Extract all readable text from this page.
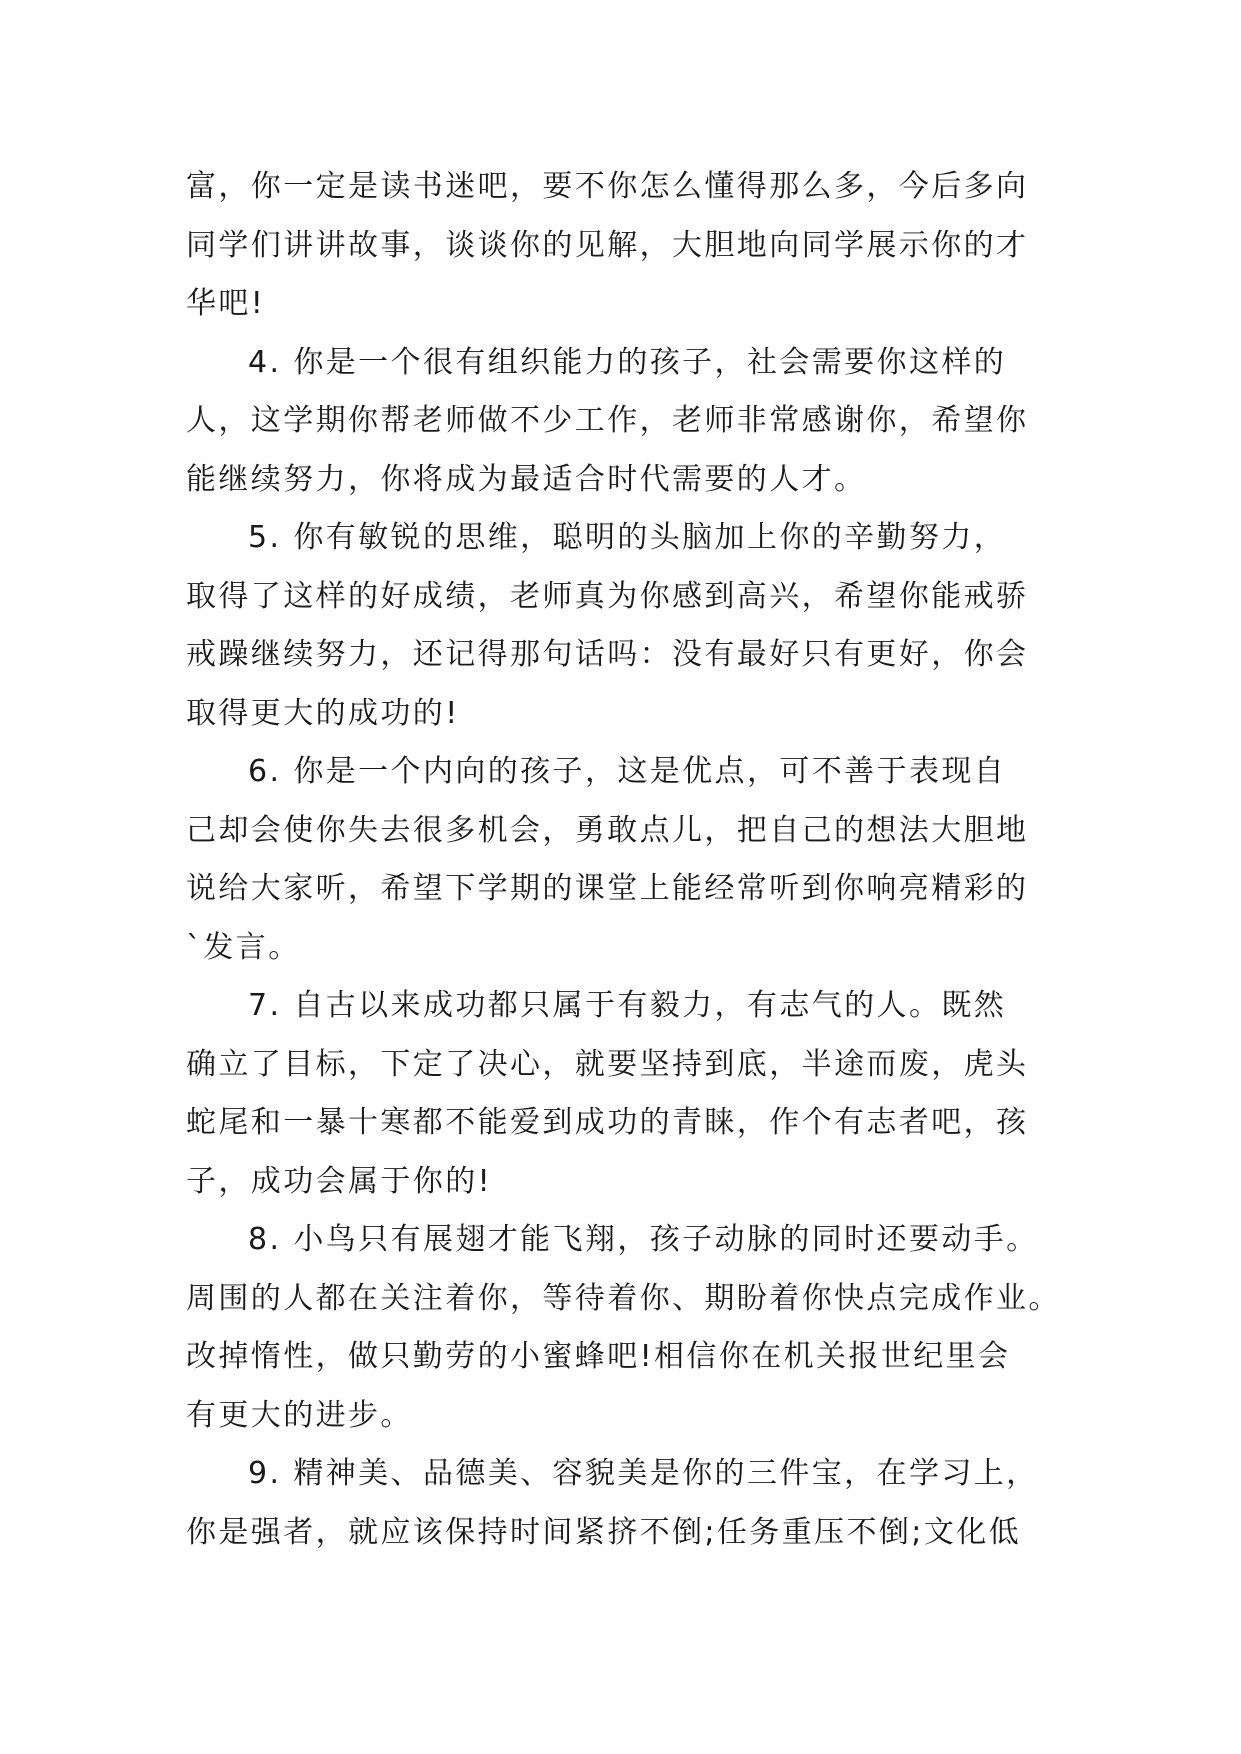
富，你一定是读书迷吧，要不你怎么懂得那么多，今后多向
同学们讲讲故事，谈谈你的见解，大胆地向同学展示你的才
华吧!
4. 你是一个很有组织能力的孩子，社会需要你这样的
人，这学期你帮老师做不少工作，老师非常感谢你，希望你
能继续努力，你将成为最适合时代需要的人才。
5. 你有敏锐的思维，聪明的头脑加上你的辛勤努力，
取得了这样的好成绩，老师真为你感到高兴，希望你能戒骄
戒躁继续努力，还记得那句话吗：没有最好只有更好，你会
取得更大的成功的!
6. 你是一个内向的孩子，这是优点，可不善于表现自
己却会使你失去很多机会，勇敢点儿，把自己的想法大胆地
说给大家听，希望下学期的课堂上能经常听到你响亮精彩的
`发言。
7. 自古以来成功都只属于有毅力，有志气的人。既然
确立了目标，下定了决心，就要坚持到底，半途而废，虎头
蛇尾和一暴十寒都不能爱到成功的青睐，作个有志者吧，孩
子，成功会属于你的!
8. 小鸟只有展翅才能飞翔，孩子动脉的同时还要动手。
周围的人都在关注着你，等待着你、期盼着你快点完成作业。
改掉惰性，做只勤劳的小蜜蜂吧!相信你在机关报世纪里会
有更大的进步。
9. 精神美、品德美、容貌美是你的三件宝，在学习上，
你是强者，就应该保持时间紧挤不倒;任务重压不倒;文化低
